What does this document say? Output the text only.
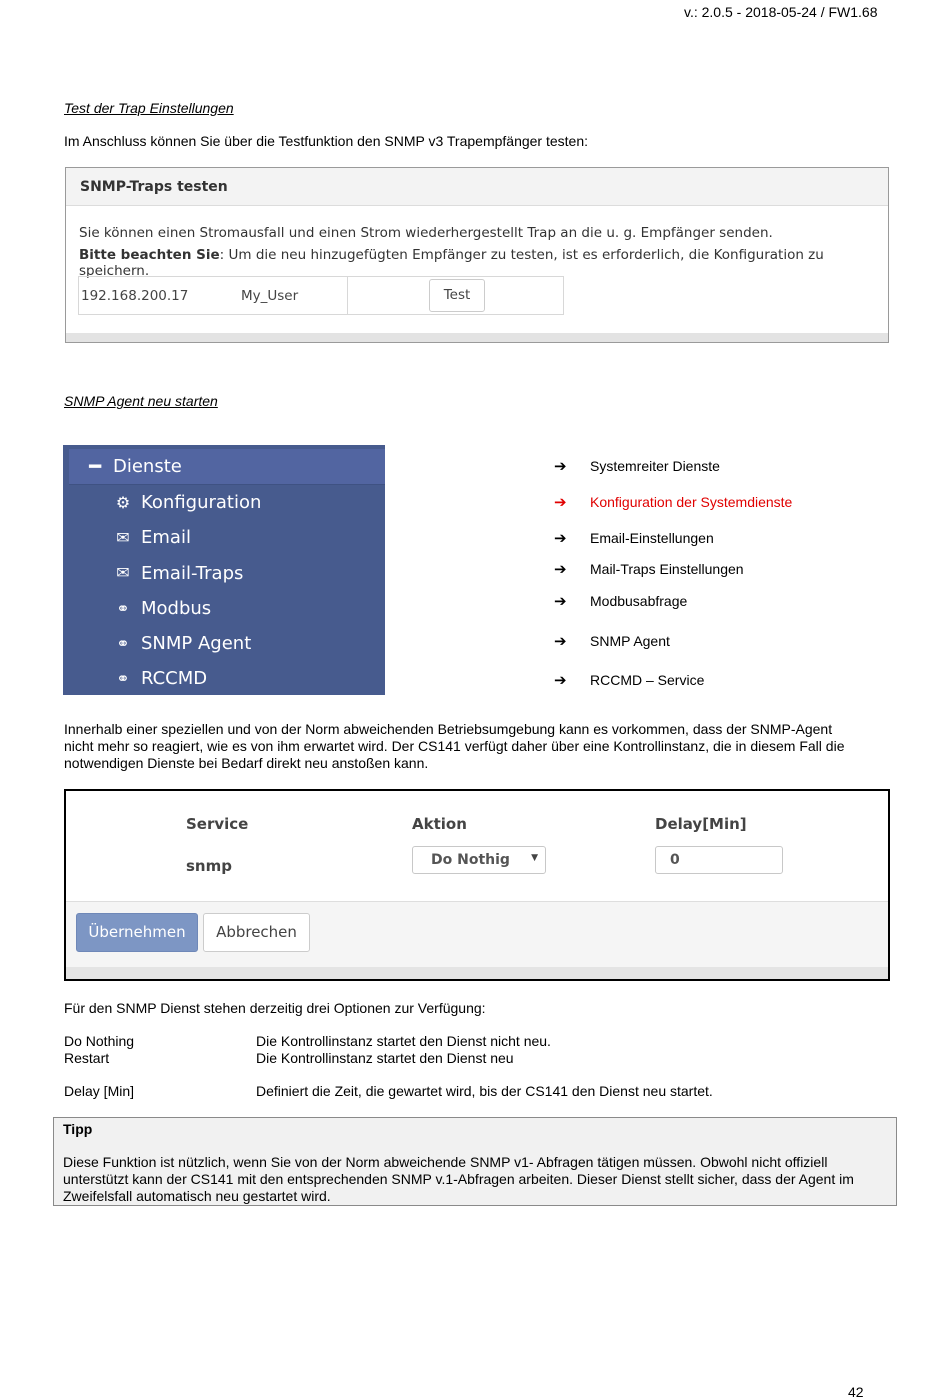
v.: 2.0.5 - 2018-05-24 / FW1.68
Test der Trap Einstellungen
Im Anschluss können Sie über die Testfunktion den SNMP v3 Trapempfänger testen:
SNMP-Traps testen
Sie können einen Stromausfall und einen Strom wiederhergestellt Trap an die u. g. Empfänger senden.
Bitte beachten Sie: Um die neu hinzugefügten Empfänger zu testen, ist es erforderlich, die Konfiguration zu speichern.
192.168.200.17	My_User	Test
SNMP Agent neu starten
━ Dienste
⚙ Konfiguration
✉ Email
✉ Email-Traps
⚭ Modbus
⚭ SNMP Agent
⚭ RCCMD
➔ Systemreiter Dienste
➔ Konfiguration der Systemdienste
➔ Email-Einstellungen
➔ Mail-Traps Einstellungen
➔ Modbusabfrage
➔ SNMP Agent
➔ RCCMD – Service
Innerhalb einer speziellen und von der Norm abweichenden Betriebsumgebung kann es vorkommen, dass der SNMP-Agent
nicht mehr so reagiert, wie es von ihm erwartet wird. Der CS141 verfügt daher über eine Kontrollinstanz, die in diesem Fall die
notwendigen Dienste bei Bedarf direkt neu anstoßen kann.
Service	Aktion	Delay[Min]
snmp	Do Nothig ▼	0
Übernehmen	Abbrechen
Für den SNMP Dienst stehen derzeitig drei Optionen zur Verfügung:
Do Nothing	Die Kontrollinstanz startet den Dienst nicht neu.
Restart	Die Kontrollinstanz startet den Dienst neu
Delay [Min]	Definiert die Zeit, die gewartet wird, bis der CS141 den Dienst neu startet.
Tipp
Diese Funktion ist nützlich, wenn Sie von der Norm abweichende SNMP v1- Abfragen tätigen müssen. Obwohl nicht offiziell
unterstützt kann der CS141 mit den entsprechenden SNMP v.1-Abfragen arbeiten. Dieser Dienst stellt sicher, dass der Agent im
Zweifelsfall automatisch neu gestartet wird.
42
